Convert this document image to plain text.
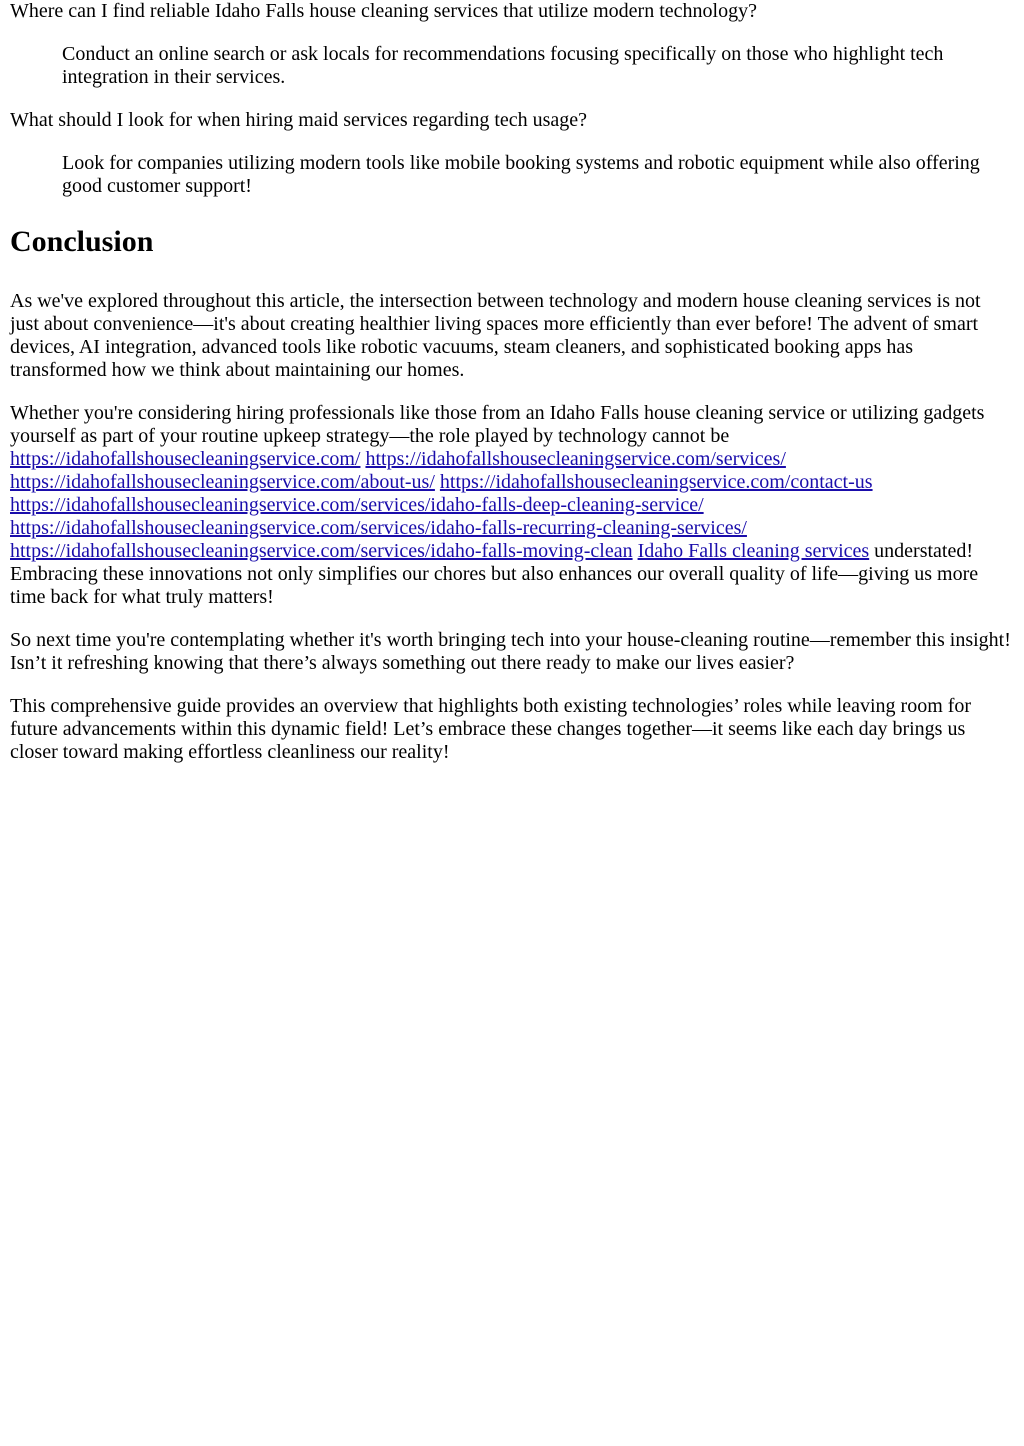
Where can I find reliable Idaho Falls house cleaning services that utilize modern technology?
Conduct an online search or ask locals for recommendations focusing specifically on those who highlight tech integration in their services.
What should I look for when hiring maid services regarding tech usage?
Look for companies utilizing modern tools like mobile booking systems and robotic equipment while also offering good customer support!
Conclusion

As we've explored throughout this article, the intersection between technology and modern house cleaning services is not just about convenience—it's about creating healthier living spaces more efficiently than ever before! The advent of smart devices, AI integration, advanced tools like robotic vacuums, steam cleaners, and sophisticated booking apps has transformed how we think about maintaining our homes.

Whether you're considering hiring professionals like those from an Idaho Falls house cleaning service or utilizing gadgets yourself as part of your routine upkeep strategy—the role played by technology cannot be https://idahofallshousecleaningservice.com/ https://idahofallshousecleaningservice.com/services/ https://idahofallshousecleaningservice.com/about-us/ https://idahofallshousecleaningservice.com/contact-us https://idahofallshousecleaningservice.com/services/idaho-falls-deep-cleaning-service/ https://idahofallshousecleaningservice.com/services/idaho-falls-recurring-cleaning-services/ https://idahofallshousecleaningservice.com/services/idaho-falls-moving-clean Idaho Falls cleaning services understated! Embracing these innovations not only simplifies our chores but also enhances our overall quality of life—giving us more time back for what truly matters!

So next time you're contemplating whether it's worth bringing tech into your house-cleaning routine—remember this insight! Isn’t it refreshing knowing that there’s always something out there ready to make our lives easier?

This comprehensive guide provides an overview that highlights both existing technologies’ roles while leaving room for future advancements within this dynamic field! Let’s embrace these changes together—it seems like each day brings us closer toward making effortless cleanliness our reality!
